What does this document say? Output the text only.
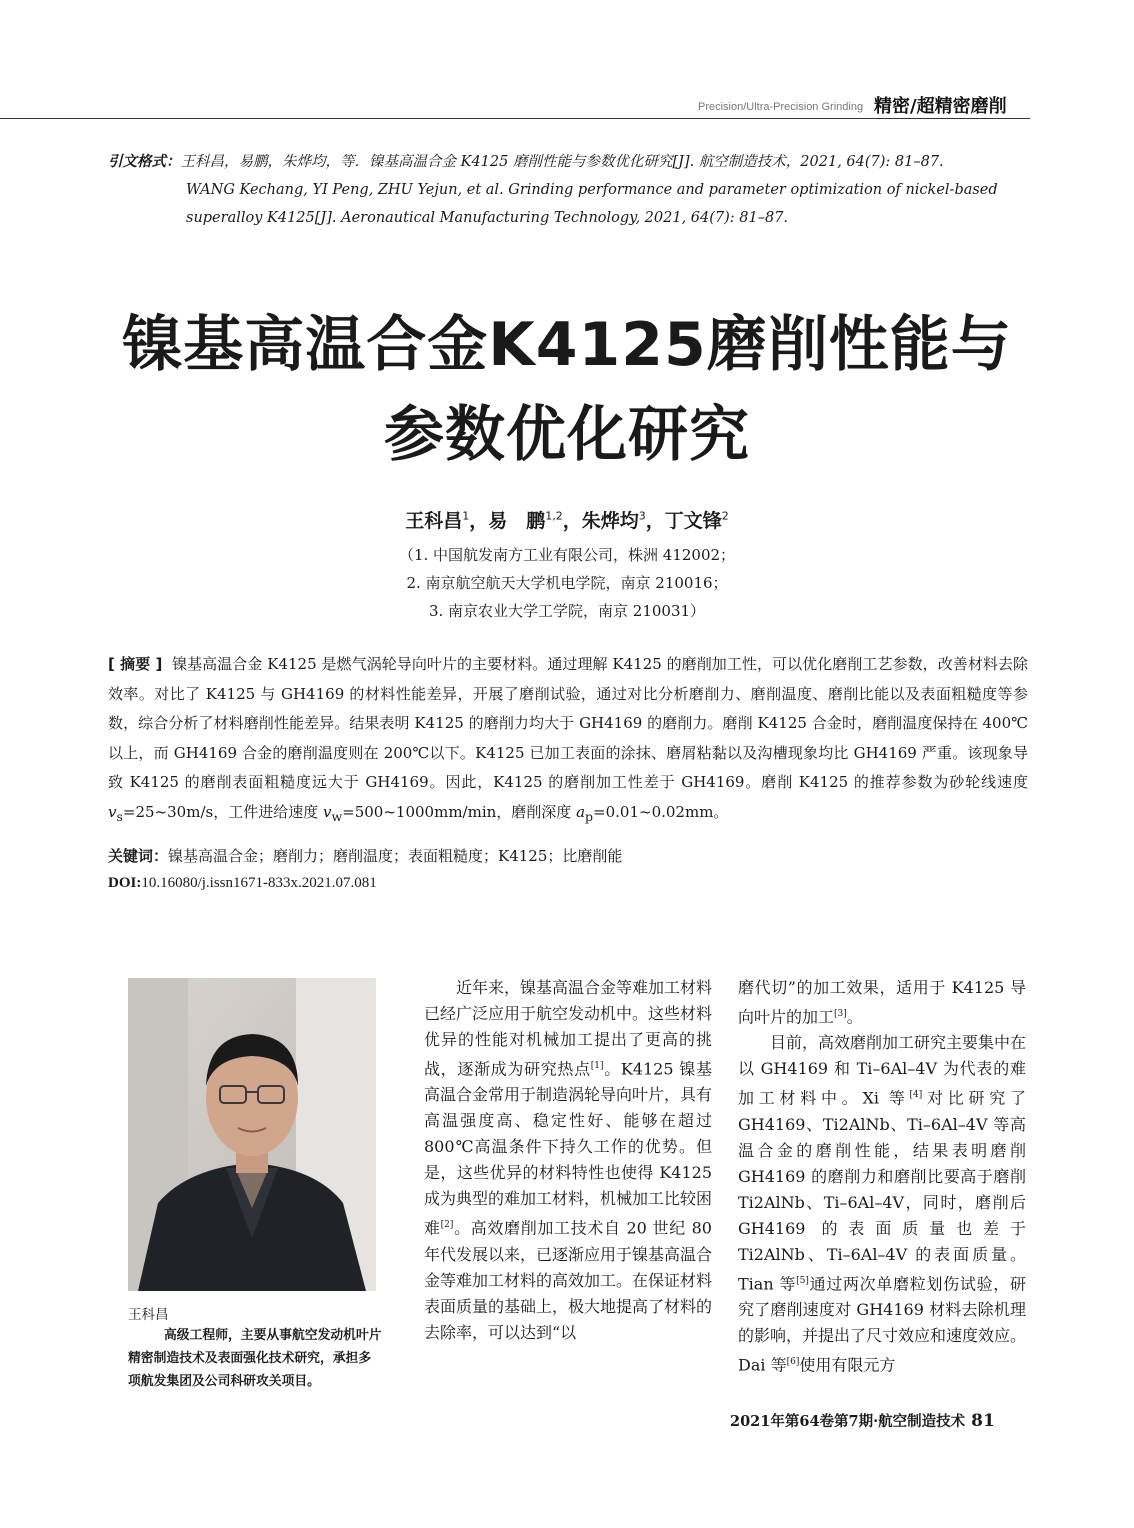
Precision/Ultra-Precision Grinding 精密/超精密磨削
引文格式：王科昌，易鹏，朱烨均，等．镍基高温合金 K4125 磨削性能与参数优化研究[J]. 航空制造技术，2021, 64(7): 81–87.
WANG Kechang, YI Peng, ZHU Yejun, et al. Grinding performance and parameter optimization of nickel-based superalloy K4125[J]. Aeronautical Manufacturing Technology, 2021, 64(7): 81–87.
镍基高温合金K4125磨削性能与
参数优化研究
王科昌$^1$，易　鹏$^{1,2}$，朱烨均$^3$，丁文锋$^2$
（1. 中国航发南方工业有限公司，株洲 412002；
2. 南京航空航天大学机电学院，南京 210016；
3. 南京农业大学工学院，南京 210031）
[ 摘要 ] 镍基高温合金 K4125 是燃气涡轮导向叶片的主要材料。通过理解 K4125 的磨削加工性，可以优化磨削工艺参数，改善材料去除效率。对比了 K4125 与 GH4169 的材料性能差异，开展了磨削试验，通过对比分析磨削力、磨削温度、磨削比能以及表面粗糙度等参数，综合分析了材料磨削性能差异。结果表明 K4125 的磨削力均大于 GH4169 的磨削力。磨削 K4125 合金时，磨削温度保持在 400℃以上，而 GH4169 合金的磨削温度则在 200℃以下。K4125 已加工表面的涂抹、磨屑粘黏以及沟槽现象均比 GH4169 严重。该现象导致 K4125 的磨削表面粗糙度远大于 GH4169。因此，K4125 的磨削加工性差于 GH4169。磨削 K4125 的推荐参数为砂轮线速度 $v_s=25\sim 30m/s$，工件进给速度 $v_w=500\sim 1000mm/\min$，磨削深度 $a_p=0.01\sim 0.02mm$。
关键词：镍基高温合金；磨削力；磨削温度；表面粗糙度；K4125；比磨削能
DOI:10.16080/j.issn1671-833x.2021.07.081
王科昌
高级工程师，主要从事航空发动机叶片精密制造技术及表面强化技术研究，承担多项航发集团及公司科研攻关项目。

近年来，镍基高温合金等难加工材料已经广泛应用于航空发动机中。这些材料优异的性能对机械加工提出了更高的挑战，逐渐成为研究热点[1]。K4125 镍基高温合金常用于制造涡轮导向叶片，具有高温强度高、稳定性好、能够在超过 800℃高温条件下持久工作的优势。但是，这些优异的材料特性也使得 K4125 成为典型的难加工材料，机械加工比较困难[2]。高效磨削加工技术自 20 世纪 80 年代发展以来，已逐渐应用于镍基高温合金等难加工材料的高效加工。在保证材料表面质量的基础上，极大地提高了材料的去除率，可以达到“以

磨代切”的加工效果，适用于 K4125 导向叶片的加工[3]。

目前，高效磨削加工研究主要集中在以 GH4169 和 Ti–6Al–4V 为代表的难加工材料中。Xi 等[4]对比研究了 GH4169、Ti2AlNb、Ti–6Al–4V 等高温合金的磨削性能，结果表明磨削 GH4169 的磨削力和磨削比要高于磨削 Ti2AlNb、Ti–6Al–4V，同时，磨削后 GH4169 的表面质量也差于 Ti2AlNb、Ti–6Al–4V 的表面质量。Tian 等[5]通过两次单磨粒划伤试验，研究了磨削速度对 GH4169 材料去除机理的影响，并提出了尺寸效应和速度效应。Dai 等[6]使用有限元方

2021年第64卷第7期·航空制造技术 81
